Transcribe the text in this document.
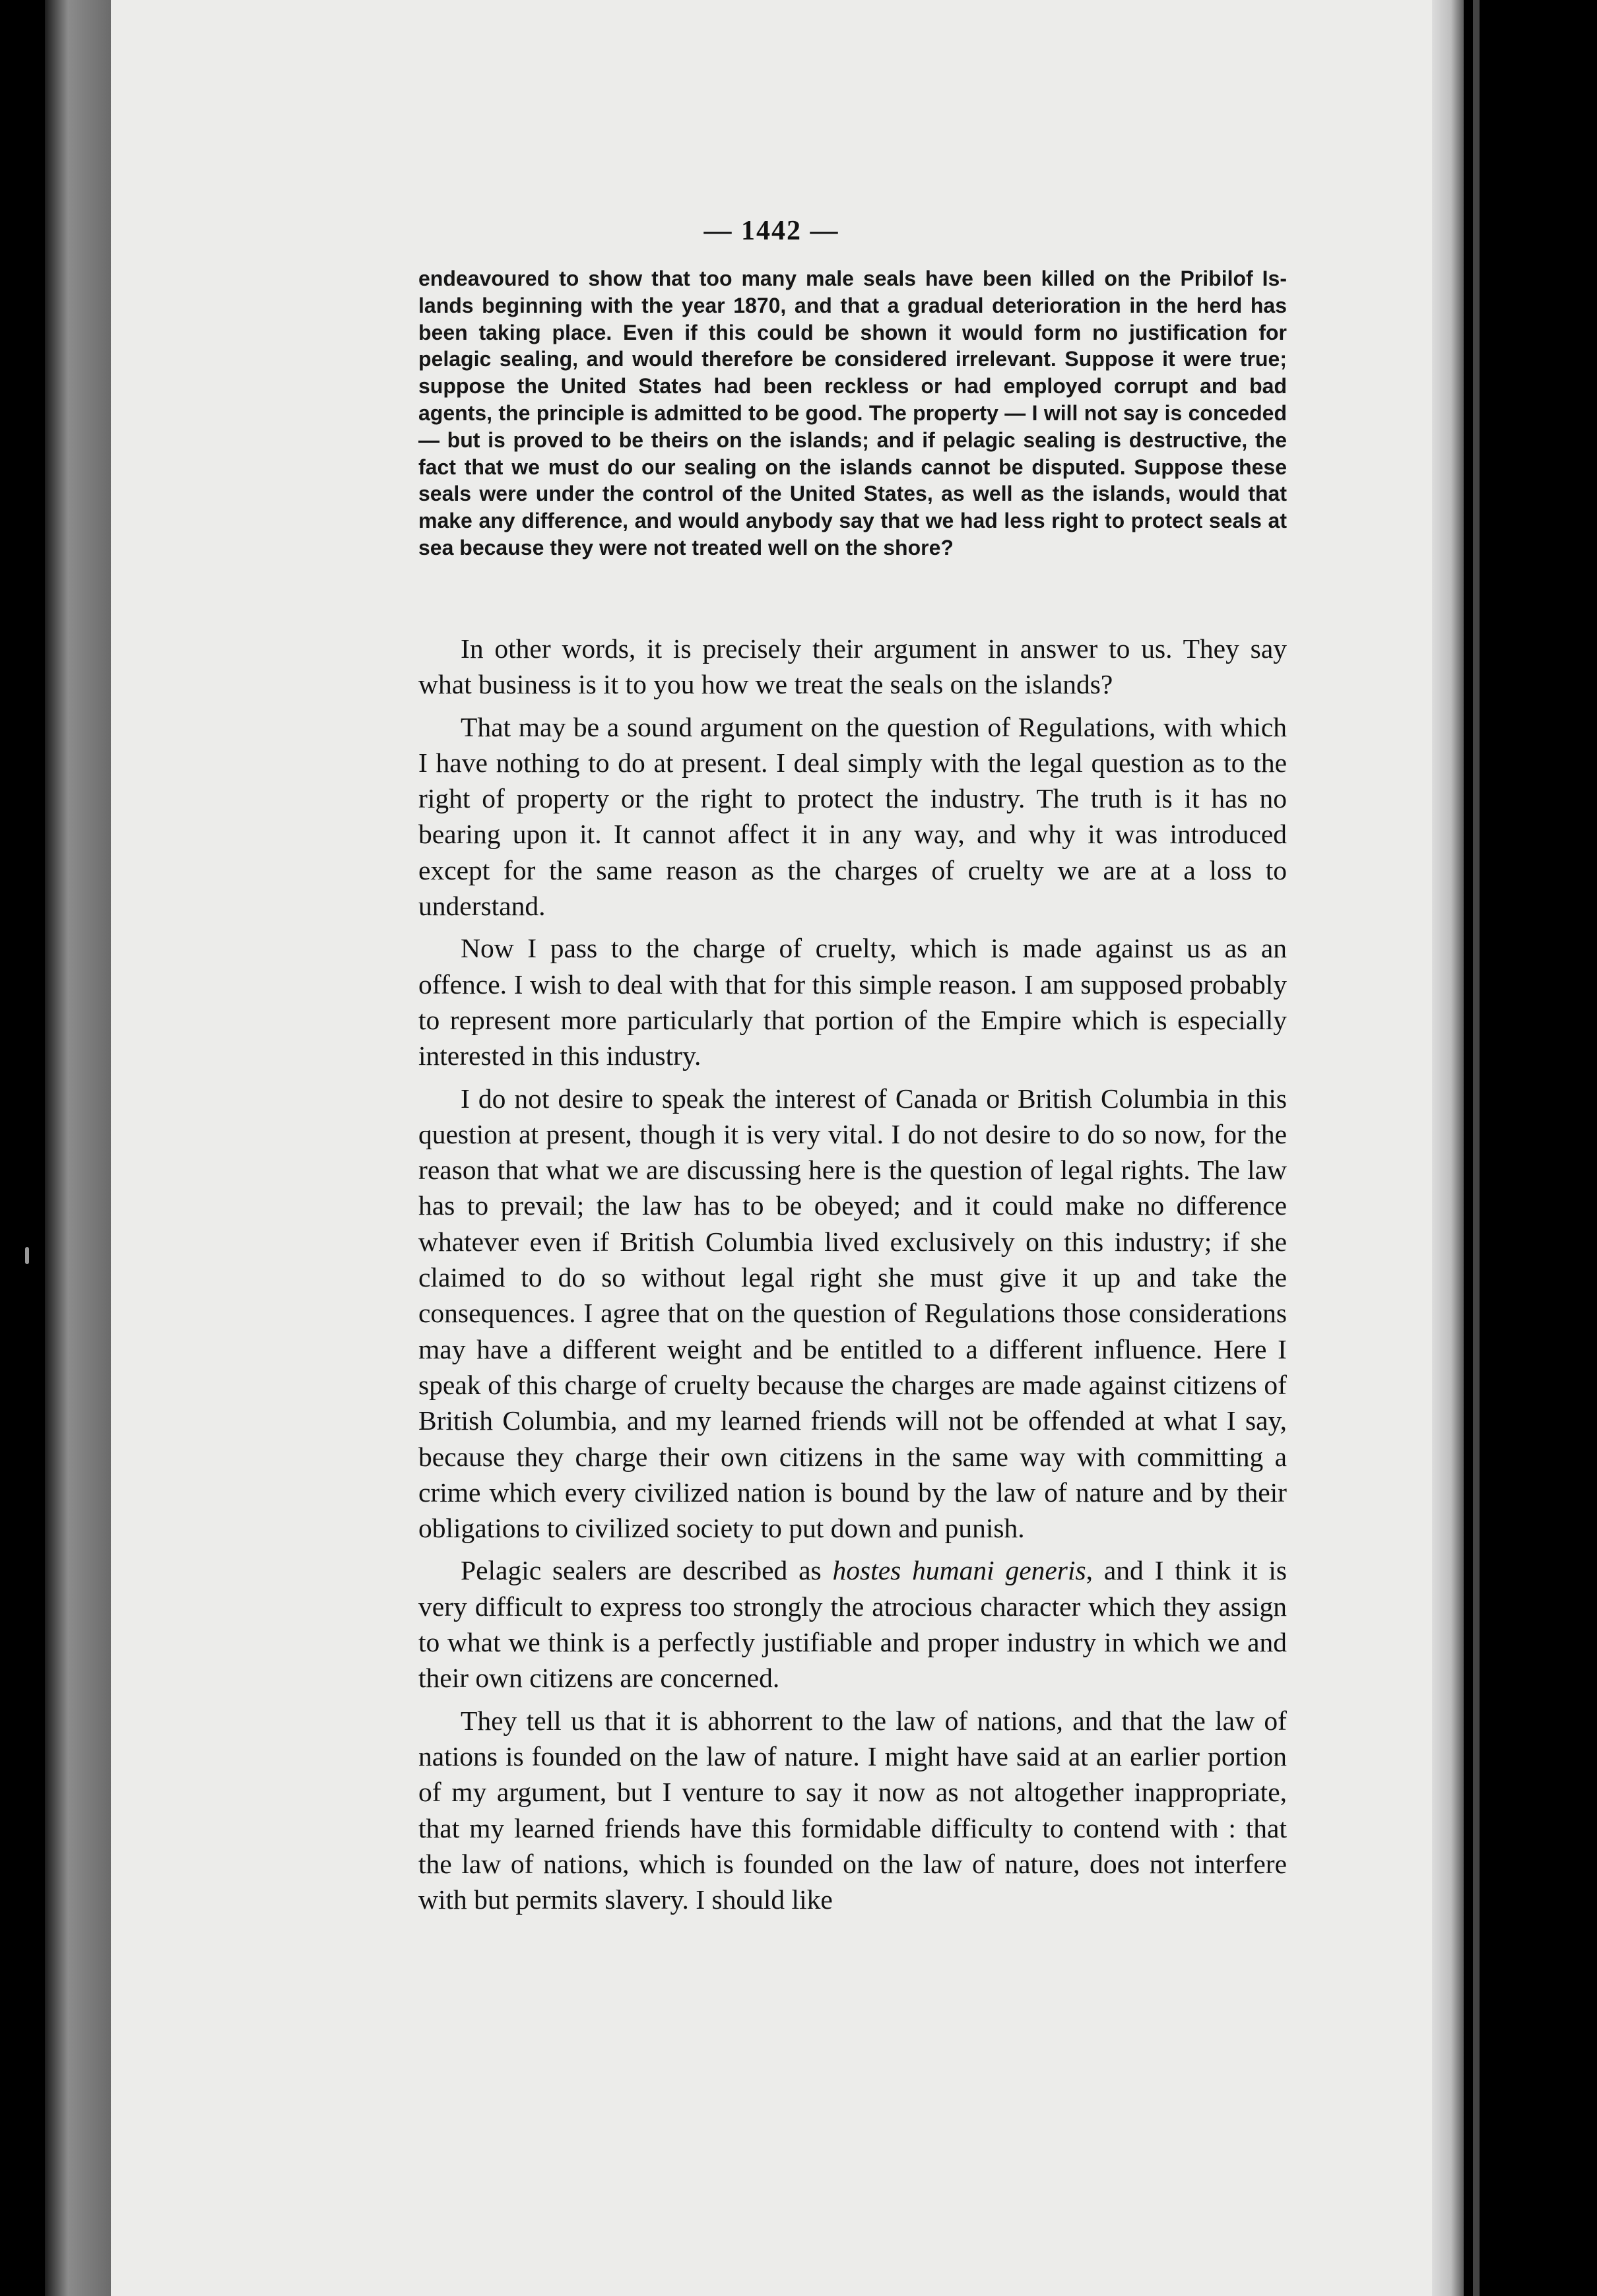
— 1442 —

endeavoured to show that too many male seals have been killed on the Pribilof Islands beginning with the year 1870, and that a gradual deterioration in the herd has been taking place. Even if this could be shown it would form no justification for pelagic sealing, and would therefore be considered irrelevant. Suppose it were true; suppose the United States had been reckless or had employed corrupt and bad agents, the principle is admitted to be good. The property — I will not say is conceded — but is proved to be theirs on the islands; and if pelagic sealing is destructive, the fact that we must do our sealing on the islands cannot be disputed. Suppose these seals were under the control of the United States, as well as the islands, would that make any difference, and would anybody say that we had less right to protect seals at sea because they were not treated well on the shore?

In other words, it is precisely their argument in answer to us. They say what business is it to you how we treat the seals on the islands?

That may be a sound argument on the question of Regulations, with which I have nothing to do at present. I deal simply with the legal question as to the right of property or the right to protect the industry. The truth is it has no bearing upon it. It cannot affect it in any way, and why it was introduced except for the same reason as the charges of cruelty we are at a loss to understand.

Now I pass to the charge of cruelty, which is made against us as an offence. I wish to deal with that for this simple reason. I am supposed probably to represent more particularly that portion of the Empire which is especially interested in this industry.

I do not desire to speak the interest of Canada or British Columbia in this question at present, though it is very vital. I do not desire to do so now, for the reason that what we are discussing here is the question of legal rights. The law has to prevail; the law has to be obeyed; and it could make no difference whatever even if British Columbia lived exclusively on this industry; if she claimed to do so without legal right she must give it up and take the consequences. I agree that on the question of Regulations those considerations may have a different weight and be entitled to a different influence. Here I speak of this charge of cruelty because the charges are made against citizens of British Columbia, and my learned friends will not be offended at what I say, because they charge their own citizens in the same way with committing a crime which every civilized nation is bound by the law of nature and by their obligations to civilized society to put down and punish.

Pelagic sealers are described as hostes humani generis, and I think it is very difficult to express too strongly the atrocious character which they assign to what we think is a perfectly justifiable and proper industry in which we and their own citizens are concerned.

They tell us that it is abhorrent to the law of nations, and that the law of nations is founded on the law of nature. I might have said at an earlier portion of my argument, but I venture to say it now as not altogether inappropriate, that my learned friends have this formidable difficulty to contend with : that the law of nations, which is founded on the law of nature, does not interfere with but permits slavery. I should like
